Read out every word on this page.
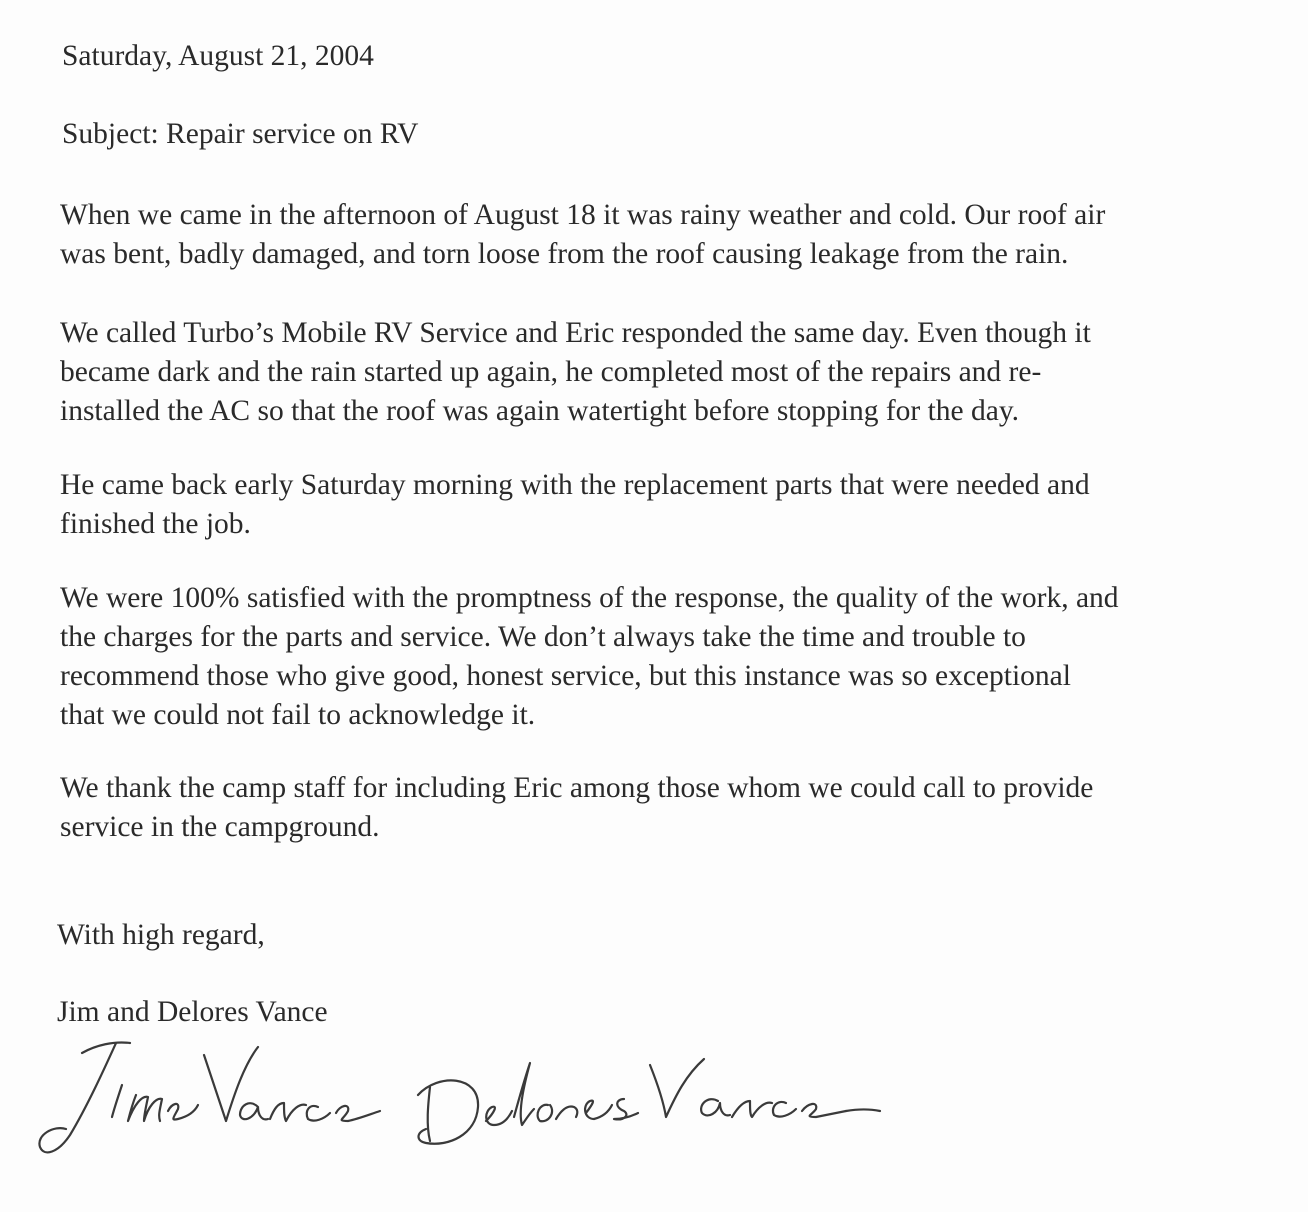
Saturday, August 21, 2004
Subject: Repair service on RV
When we came in the afternoon of August 18 it was rainy weather and cold. Our roof air
was bent, badly damaged, and torn loose from the roof causing leakage from the rain.
We called Turbo’s Mobile RV Service and Eric responded the same day. Even though it
became dark and the rain started up again, he completed most of the repairs and re-
installed the AC so that the roof was again watertight before stopping for the day.
He came back early Saturday morning with the replacement parts that were needed and
finished the job.
We were 100% satisfied with the promptness of the response, the quality of the work, and
the charges for the parts and service. We don’t always take the time and trouble to
recommend those who give good, honest service, but this instance was so exceptional
that we could not fail to acknowledge it.
We thank the camp staff for including Eric among those whom we could call to provide
service in the campground.
With high regard,
Jim and Delores Vance
